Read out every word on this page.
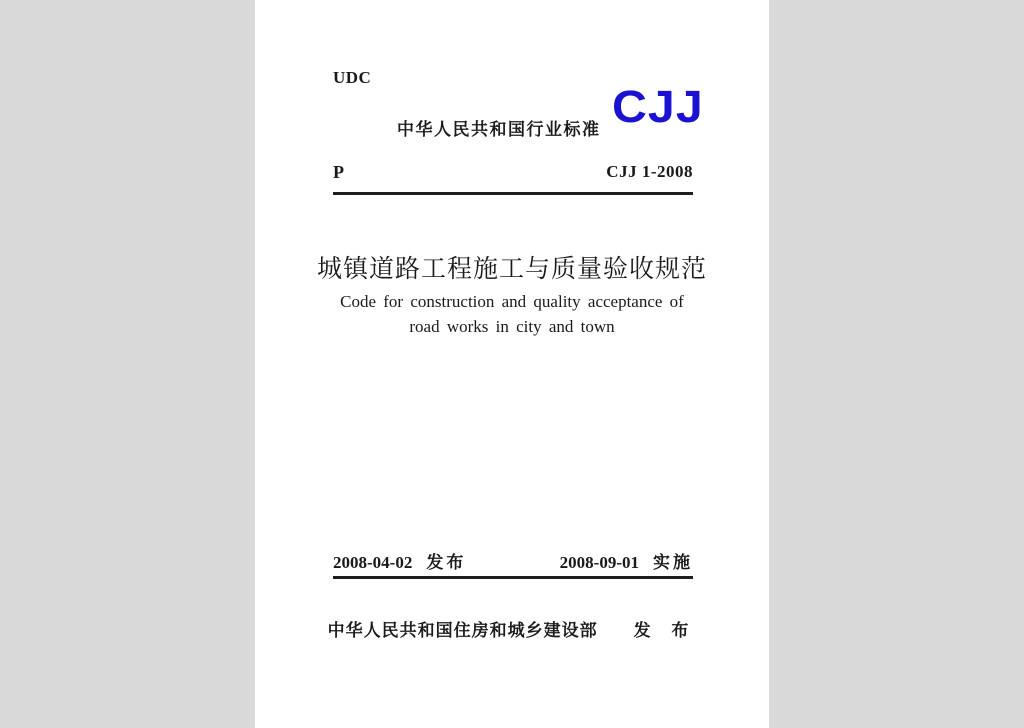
UDC
中华人民共和国行业标准 CJJ
P	CJJ 1-2008
城镇道路工程施工与质量验收规范
Code for construction and quality acceptance of
road works in city and town
2008-04-02 发布	2008-09-01 实施
中华人民共和国住房和城乡建设部 发 布
